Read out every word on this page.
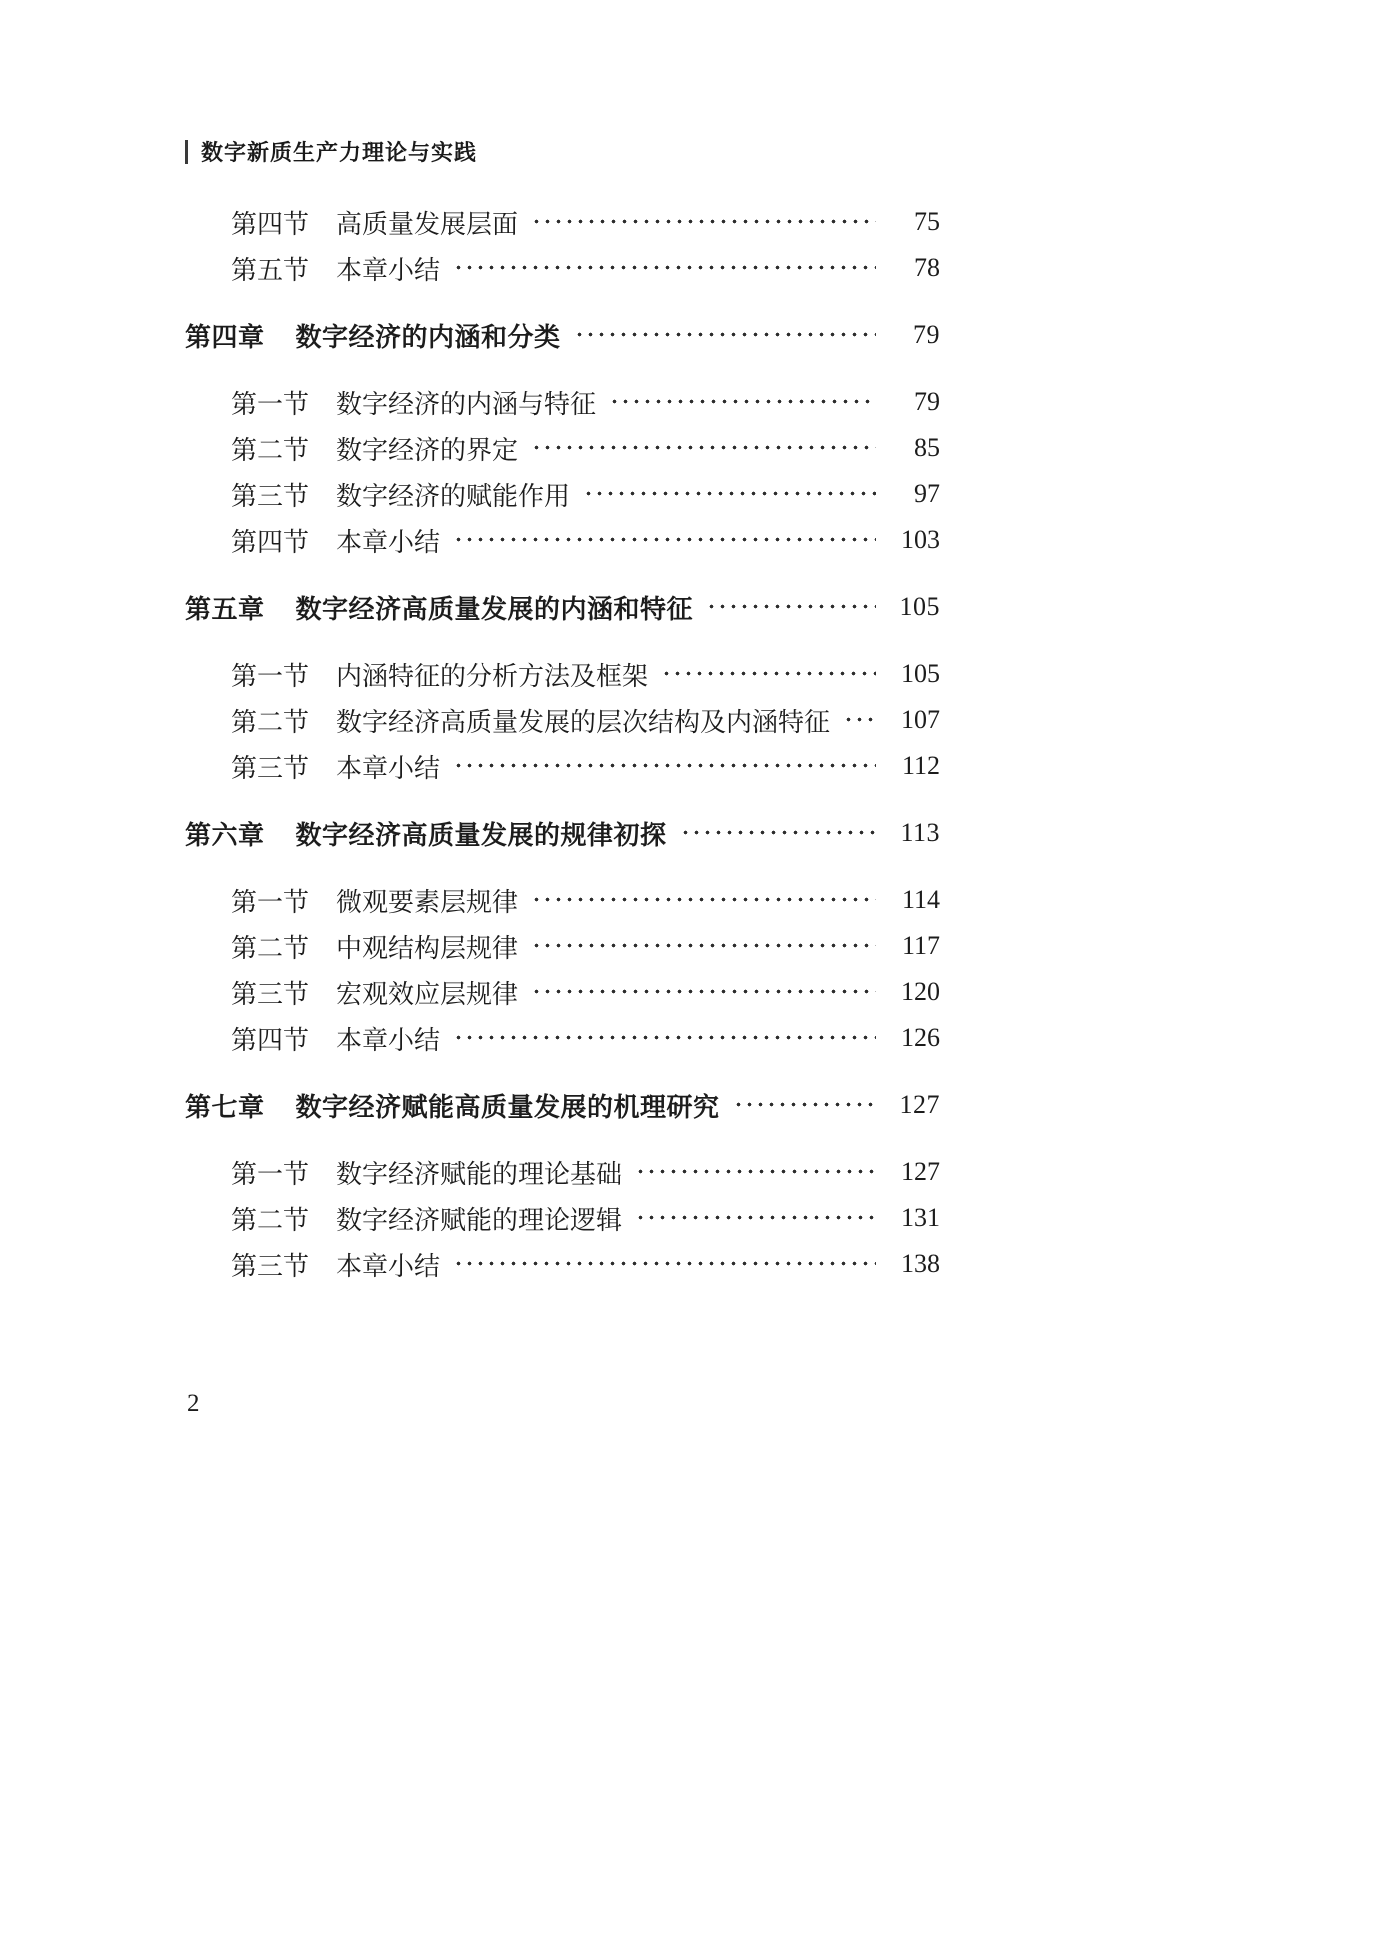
数字新质生产力理论与实践
第四节 高质量发展层面	75
第五节 本章小结	78
第四章 数字经济的内涵和分类	79
第一节 数字经济的内涵与特征	79
第二节 数字经济的界定	85
第三节 数字经济的赋能作用	97
第四节 本章小结	103
第五章 数字经济高质量发展的内涵和特征	105
第一节 内涵特征的分析方法及框架	105
第二节 数字经济高质量发展的层次结构及内涵特征	107
第三节 本章小结	112
第六章 数字经济高质量发展的规律初探	113
第一节 微观要素层规律	114
第二节 中观结构层规律	117
第三节 宏观效应层规律	120
第四节 本章小结	126
第七章 数字经济赋能高质量发展的机理研究	127
第一节 数字经济赋能的理论基础	127
第二节 数字经济赋能的理论逻辑	131
第三节 本章小结	138
2
